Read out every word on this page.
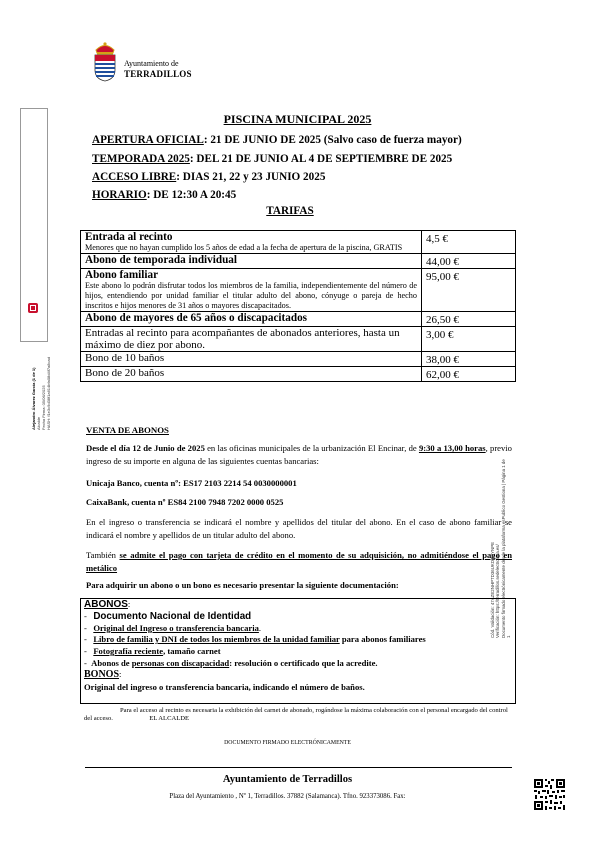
Ayuntamiento de
TERRADILLOS
Alejandro Álvarez García (1 de 1) Alcalde Fecha Firma: 05/06/2025 HASH: f1e3c9d38f1a614bfa08d4f7a8cad
Cód. Validación: 47AZE2NHPTD36UKDCYYNPE Verificación: https://terradillos.sedelectronica.es/ Documento firmado electrónicamente desde la plataforma esPublico Gestiona | Página 1 de 1
PISCINA MUNICIPAL 2025
APERTURA OFICIAL: 21 DE JUNIO DE 2025 (Salvo caso de fuerza mayor)
TEMPORADA 2025: DEL 21 DE JUNIO AL 4 DE SEPTIEMBRE DE 2025
ACCESO LIBRE: DIAS 21, 22 y 23 JUNIO 2025
HORARIO: DE 12:30 A 20:45
TARIFAS
Entrada al recinto
Menores que no hayan cumplido los 5 años de edad a la fecha de apertura de la piscina, GRATIS	4,5 €

Abono de temporada individual	44,00 €

Abono familiar
Este abono lo podrán disfrutar todos los miembros de la familia, independientemente del número de hijos, entendiendo por unidad familiar el titular adulto del abono, cónyuge o pareja de hecho inscritos e hijos menores de 31 años o mayores discapacitados.	95,00 €

Abono de mayores de 65 años o discapacitados	26,50 €

Entradas al recinto para acompañantes de abonados anteriores, hasta un máximo de diez por abono.	3,00 €

Bono de 10 baños	38,00 €

Bono de 20 baños	62,00 €
VENTA DE ABONOS
Desde el día 12 de Junio de 2025 en las oficinas municipales de la urbanización El Encinar, de 9:30 a 13,00 horas, previo ingreso de su importe en alguna de las siguientes cuentas bancarias:
Unicaja Banco, cuenta nº: ES17 2103 2214 54 0030000001
CaixaBank, cuenta nº ES84 2100 7948 7202 0000 0525
En el ingreso o transferencia se indicará el nombre y apellidos del titular del abono. En el caso de abono familiar se indicará el nombre y apellidos de un titular adulto del abono.
También se admite el pago con tarjeta de crédito en el momento de su adquisición, no admitiéndose el pago en metálico
Para adquirir un abono o un bono es necesario presentar la siguiente documentación:
ABONOS:
-   Documento Nacional de Identidad
-   Original del Ingreso o transferencia bancaria.
-   Libro de familia y DNI de todos los miembros de la unidad familiar para abonos familiares
-   Fotografía reciente, tamaño carnet
-  Abonos de personas con discapacidad: resolución o certificado que la acredite.
BONOS:
Original del ingreso o transferencia bancaria, indicando el número de baños.
Para el acceso al recinto es necesaria la exhibición del carnet de abonado, rogándose la máxima colaboración con el personal encargado del control del acceso.	EL ALCALDE
DOCUMENTO FIRMADO ELECTRÓNICAMENTE
Ayuntamiento de Terradillos
Plaza del Ayuntamiento , Nº 1, Terradillos. 37882 (Salamanca). Tfno. 923373086. Fax:
